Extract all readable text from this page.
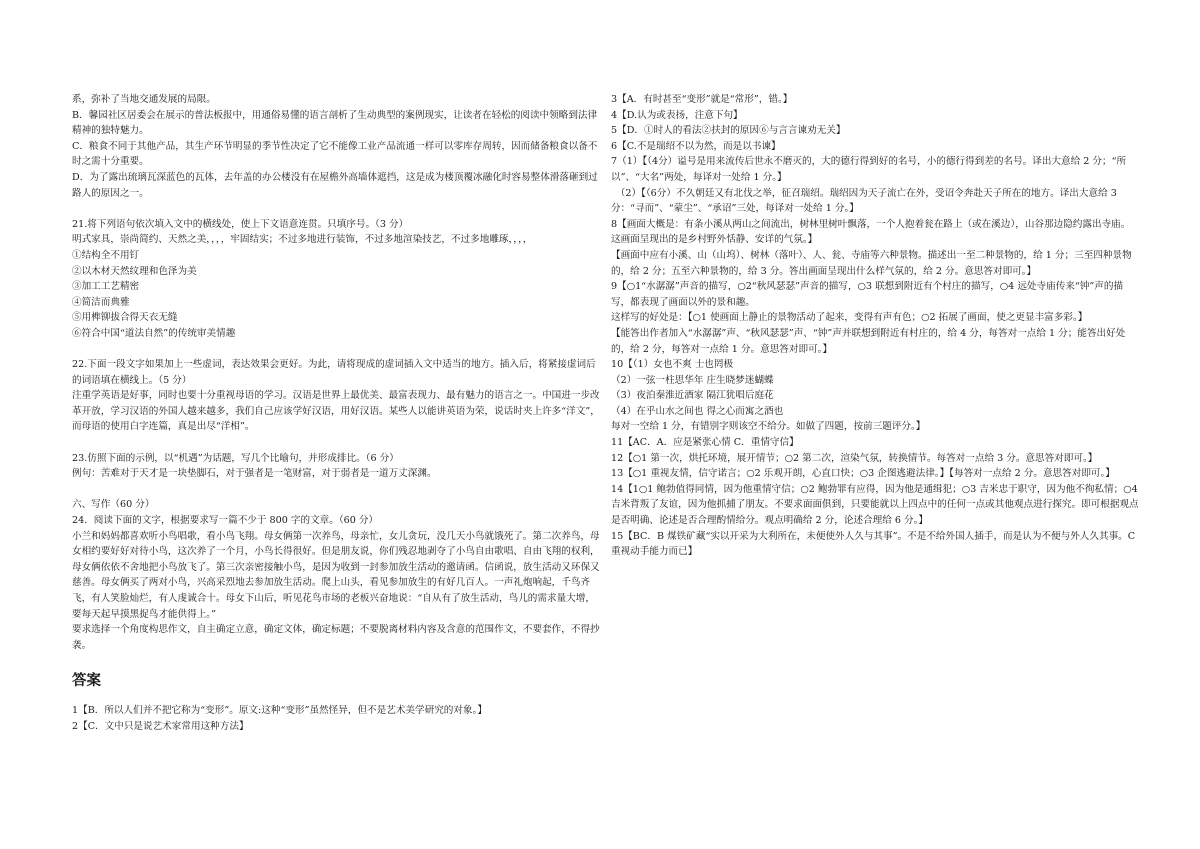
系，弥补了当地交通发展的局限。

B．馨园社区居委会在展示的普法板报中，用通俗易懂的语言剖析了生动典型的案例现实，让读者在轻松的阅读中领略到法律精神的独特魅力。

C．粮食不同于其他产品，其生产环节明显的季节性决定了它不能像工业产品流通一样可以零库存周转，因而储备粮食以备不时之需十分重要。

D．为了露出琉璃瓦深蓝色的瓦体，去年盖的办公楼没有在屋檐外高墙体遮挡，这是成为楼顶覆冰融化时容易整体滑落砸到过路人的原因之一。

21.将下列语句依次填入文中的横线处，使上下文语意连贯。只填序号。（3 分）

明式家具，崇尚简约、天然之美，，，，牢固结实；不过多地进行装饰，不过多地渲染技艺，不过多地雕琢，，，，

①结构全不用钉

②以木材天然纹理和色泽为美

③加工工艺精密

④简洁而典雅

⑤用榫铆拔合得天衣无缝

⑥符合中国“道法自然”的传统审美情趣

22.下面一段文字如果加上一些虚词，表达效果会更好。为此，请将现成的虚词插入文中适当的地方。插入后，将紧接虚词后的词语填在横线上。（5 分）

注重学英语是好事，同时也要十分重视母语的学习。汉语是世界上最优美、最富表现力、最有魅力的语言之一。中国进一步改革开放，学习汉语的外国人越来越多，我们自己应该学好汉语，用好汉语。某些人以能讲英语为荣，说话时夹上许多“洋文”，而母语的使用白字连篇，真是出尽“洋相”。

23.仿照下面的示例，以“机遇”为话题，写几个比喻句，并形成排比。（6 分）

例句：苦难对于天才是一块垫脚石，对于强者是一笔财富，对于弱者是一道万丈深渊。

六、写作（60 分）

24．阅读下面的文字，根据要求写一篇不少于 800 字的文章。（60 分）

小兰和妈妈都喜欢听小鸟唱歌，看小鸟飞翔。母女俩第一次养鸟，母亲忙，女儿贪玩，没几天小鸟就饿死了。第二次养鸟，母女相约要好好对待小鸟，这次养了一个月，小鸟长得很好。但是朋友说，你们残忍地剥夺了小鸟自由歌唱、自由飞翔的权利，母女俩依依不舍地把小鸟放飞了。第三次亲密接触小鸟，是因为收到一封参加放生活动的邀请函。信函说，放生活动又环保又慈善。母女俩买了两对小鸟，兴高采烈地去参加放生活动。爬上山头，看见参加放生的有好几百人。一声礼炮响起，千鸟齐飞，有人笑脸灿烂，有人虔诚合十。母女下山后，听见花鸟市场的老板兴奋地说：“自从有了放生活动，鸟儿的需求量大增，要每天起早摸黑捉鸟才能供得上。”

要求选择一个角度构思作文，自主确定立意，确定文体，确定标题；不要脱离材料内容及含意的范围作文，不要套作，不得抄袭。

答案

1【B．所以人们并不把它称为“变形”。原文:这种“变形”虽然怪异，但不是艺术美学研究的对象。】

2【C．文中只是说艺术家常用这种方法】

3【A．有时甚至“变形”就是“常形”，错。】

4【D.认为或表扬，注意下句】

5【D．①时人的看法②扶封的原因⑥与言言谏劝无关】

6【C.不是瑞绍不以为然，而是以书谏】

7（1）【（4分）谥号是用来流传后世永不磨灭的，大的德行得到好的名号，小的德行得到差的名号。译出大意给 2 分；“所以”、“大名”两处，每译对一处给 1 分。】
　（2）【（6分）不久朝廷又有北伐之举，征召瑞绍。瑞绍因为天子流亡在外，受诏令奔赴天子所在的地方。译出大意给 3 分：“寻而”、“蒙尘”、“承诏”三处，每译对一处给 1 分。】

8【画面大概是：有条小溪从两山之间流出，树林里树叶飘落，一个人抱着瓮在路上（或在溪边），山谷那边隐约露出寺庙。这画面呈现出的是乡村野外恬静、安详的气氛。】
【画面中应有小溪、山（山坞）、树林（落叶）、人、瓮、寺庙等六种景物。描述出一至二种景物的，给 1 分；三至四种景物的，给 2 分；五至六种景物的，给 3 分。答出画面呈现出什么样气氛的，给 2 分。意思答对即可。】

9【○1“水潺潺”声音的描写，○2“秋风瑟瑟”声音的描写，○3 联想到附近有个村庄的描写，○4 远处寺庙传来“钟”声的描写，都表现了画面以外的景和趣。
这样写的好处是：【○1 使画面上静止的景物活动了起来，变得有声有色；○2 拓展了画面，使之更显丰富多彩。】
【能答出作者加入“水潺潺”声、“秋风瑟瑟”声、“钟”声并联想到附近有村庄的，给 4 分，每答对一点给 1 分；能答出好处的，给 2 分，每答对一点给 1 分。意思答对即可。】

10【（1）女也不爽 士也罔极
（2）一弦一柱思华年 庄生晓梦迷蝴蝶
（3）夜泊秦淮近酒家 隔江犹唱后庭花
（4）在乎山水之间也 得之心而寓之酒也
每对一空给 1 分，有错别字则该空不给分。如做了四题，按前三题评分。】

11【AC．A．应是紧张心情 C．重情守信】

12【○1 第一次，烘托环境，展开情节；○2 第二次，渲染气氛，转换情节。每答对一点给 3 分。意思答对即可。】

13【○1 重视友情，信守诺言；○2 乐观开朗，心直口快；○3 企图逃避法律。】【每答对一点给 2 分。意思答对即可。】

14【1○1 鲍勃值得同情，因为他重情守信；○2 鲍勃罪有应得，因为他是通缉犯；○3 吉米忠于职守，因为他不徇私情；○4 吉米背叛了友谊，因为他抓捕了朋友。不要求面面俱到，只要能就以上四点中的任何一点或其他观点进行探究。即可根据观点是否明确、论述是否合理酌情给分。观点明确给 2 分，论述合理给 6 分。】

15【BC．B 煤铁矿藏“实以开采为大利所在，未便使外人久与其事”。不是不给外国人插手，而是认为不便与外人久其事。C 重视动手能力而已】
